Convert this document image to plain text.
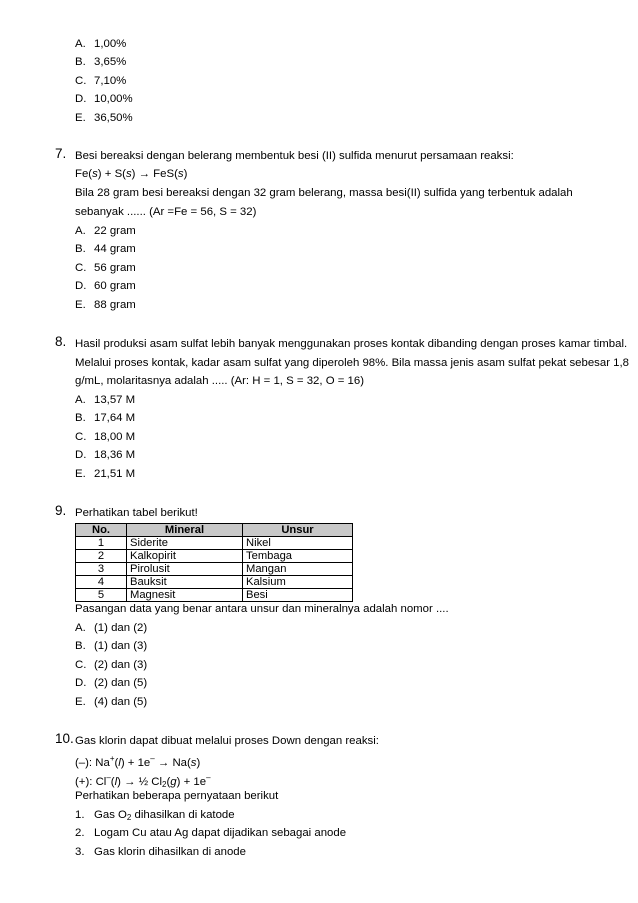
A. 1,00%
B. 3,65%
C. 7,10%
D. 10,00%
E. 36,50%
7. Besi bereaksi dengan belerang membentuk besi (II) sulfida menurut persamaan reaksi:
Fe(s) + S(s) → FeS(s)
Bila 28 gram besi bereaksi dengan 32 gram belerang, massa besi(II) sulfida yang terbentuk adalah
sebanyak ...... (Ar =Fe = 56, S = 32)
A. 22 gram
B. 44 gram
C. 56 gram
D. 60 gram
E. 88 gram
8. Hasil produksi asam sulfat lebih banyak menggunakan proses kontak dibanding dengan proses kamar timbal.
Melalui proses kontak, kadar asam sulfat yang diperoleh 98%. Bila massa jenis asam sulfat pekat sebesar 1,8
g/mL, molaritasnya adalah ..... (Ar: H = 1, S = 32, O = 16)
A. 13,57 M
B. 17,64 M
C. 18,00 M
D. 18,36 M
E. 21,51 M
9. Perhatikan tabel berikut!
No.	Mineral	Unsur
1	Siderite	Nikel
2	Kalkopirit	Tembaga
3	Pirolusit	Mangan
4	Bauksit	Kalsium
5	Magnesit	Besi
Pasangan data yang benar antara unsur dan mineralnya adalah nomor ....
A. (1) dan (2)
B. (1) dan (3)
C. (2) dan (3)
D. (2) dan (5)
E. (4) dan (5)
10. Gas klorin dapat dibuat melalui proses Down dengan reaksi:
(–): Na+(l) + 1e– → Na(s)
(+): Cl–(l) → ½ $Cl_2(g) + 1e^-$
Perhatikan beberapa pernyataan berikut
1. Gas $O_2$ dihasilkan di katode
2. Logam Cu atau Ag dapat dijadikan sebagai anode
3. Gas klorin dihasilkan di anode
